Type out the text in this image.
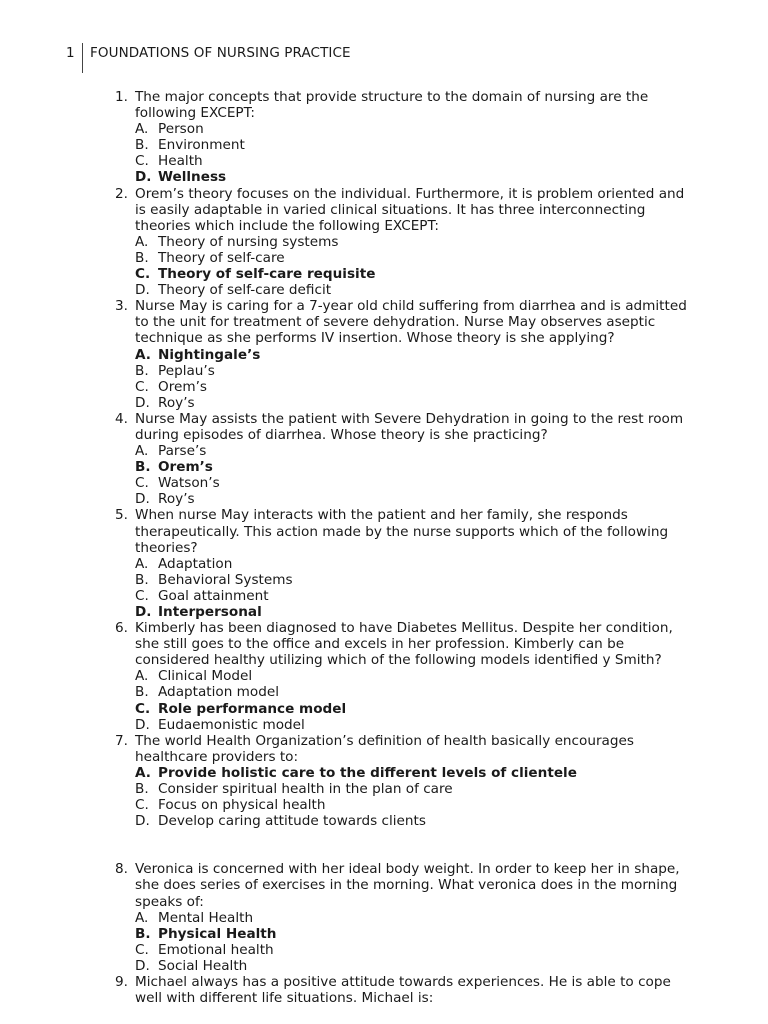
1	FOUNDATIONS OF NURSING PRACTICE
1. The major concepts that provide structure to the domain of nursing are the following EXCEPT:

A. Person
B. Environment
C. Health
D. Wellness
2. Orem’s theory focuses on the individual. Furthermore, it is problem oriented and is easily adaptable in varied clinical situations. It has three interconnecting theories which include the following EXCEPT:

A. Theory of nursing systems
B. Theory of self-care
C. Theory of self-care requisite
D. Theory of self-care deficit
3. Nurse May is caring for a 7-year old child suffering from diarrhea and is admitted to the unit for treatment of severe dehydration. Nurse May observes aseptic technique as she performs IV insertion. Whose theory is she applying?

A. Nightingale’s
B. Peplau’s
C. Orem’s
D. Roy’s
4. Nurse May assists the patient with Severe Dehydration in going to the rest room during episodes of diarrhea. Whose theory is she practicing?

A. Parse’s
B. Orem’s
C. Watson’s
D. Roy’s
5. When nurse May interacts with the patient and her family, she responds therapeutically. This action made by the nurse supports which of the following theories?

A. Adaptation
B. Behavioral Systems
C. Goal attainment
D. Interpersonal
6. Kimberly has been diagnosed to have Diabetes Mellitus. Despite her condition, she still goes to the office and excels in her profession. Kimberly can be considered healthy utilizing which of the following models identified y Smith?

A. Clinical Model
B. Adaptation model
C. Role performance model
D. Eudaemonistic model
7. The world Health Organization’s definition of health basically encourages healthcare providers to:

A. Provide holistic care to the different levels of clientele
B. Consider spiritual health in the plan of care
C. Focus on physical health
D. Develop caring attitude towards clients
8. Veronica is concerned with her ideal body weight. In order to keep her in shape, she does series of exercises in the morning. What veronica does in the morning speaks of:

A. Mental Health
B. Physical Health
C. Emotional health
D. Social Health
9. Michael always has a positive attitude towards experiences. He is able to cope well with different life situations. Michael is:
